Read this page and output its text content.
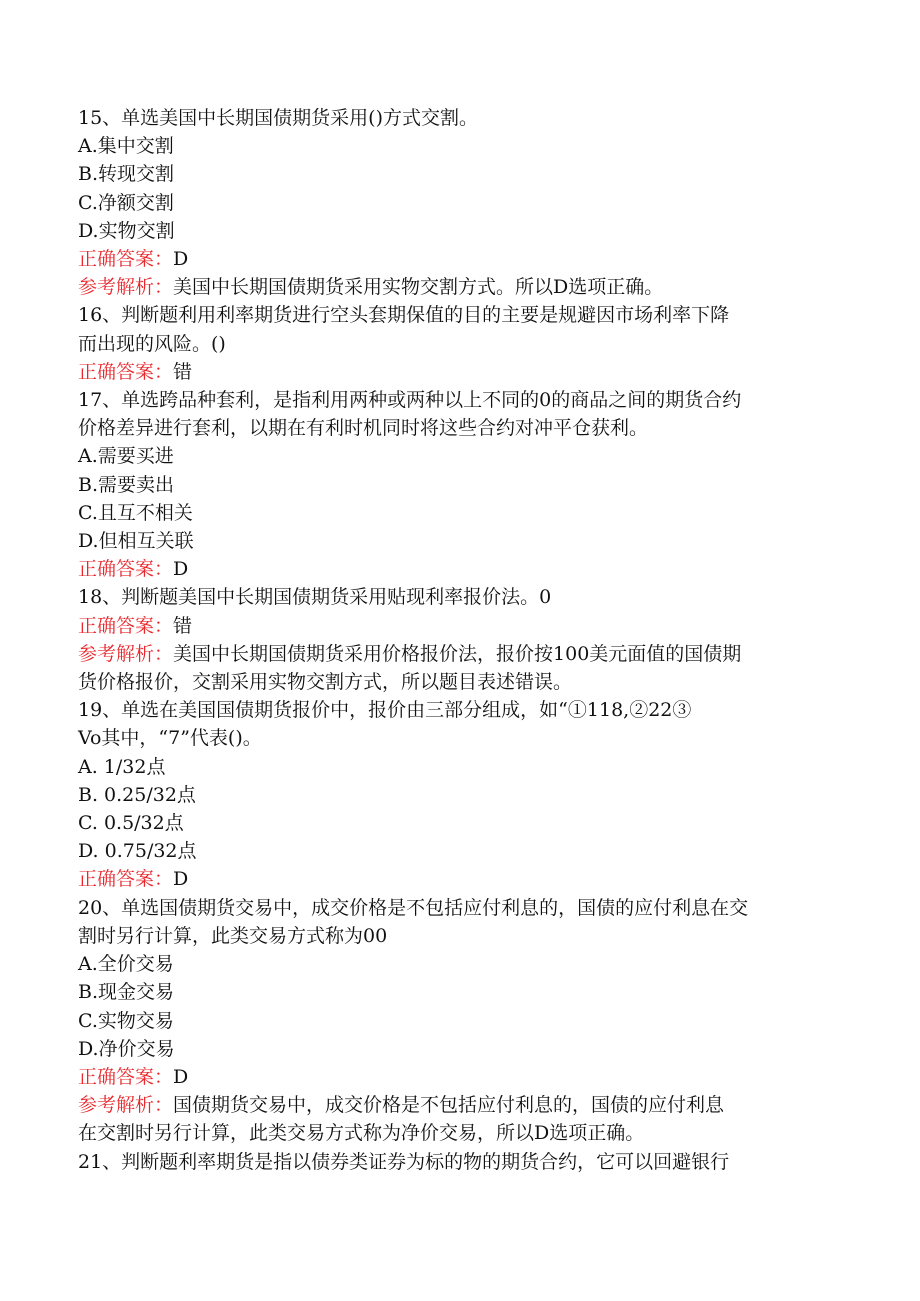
15、单选美国中长期国债期货采用()方式交割。

A.集中交割

B.转现交割

C.净额交割

D.实物交割

正确答案：D

参考解析：美国中长期国债期货采用实物交割方式。所以D选项正确。

16、判断题利用利率期货进行空头套期保值的目的主要是规避因市场利率下降

而出现的风险。()

正确答案：错

17、单选跨品种套利，是指利用两种或两种以上不同的0的商品之间的期货合约

价格差异进行套利，以期在有利时机同时将这些合约对冲平仓获利。

A.需要买进

B.需要卖出

C.且互不相关

D.但相互关联

正确答案：D

18、判断题美国中长期国债期货采用贴现利率报价法。0

正确答案：错

参考解析：美国中长期国债期货采用价格报价法，报价按100美元面值的国债期

货价格报价，交割采用实物交割方式，所以题目表述错误。

19、单选在美国国债期货报价中，报价由三部分组成，如“①118,②22③

Vo其中，“7”代表()。

A. 1/32点

B. 0.25/32点

C. 0.5/32点

D. 0.75/32点

正确答案：D

20、单选国债期货交易中，成交价格是不包括应付利息的，国债的应付利息在交

割时另行计算，此类交易方式称为00

A.全价交易

B.现金交易

C.实物交易

D.净价交易

正确答案：D

参考解析：国债期货交易中，成交价格是不包括应付利息的，国债的应付利息

在交割时另行计算，此类交易方式称为净价交易，所以D选项正确。

21、判断题利率期货是指以债券类证券为标的物的期货合约，它可以回避银行
